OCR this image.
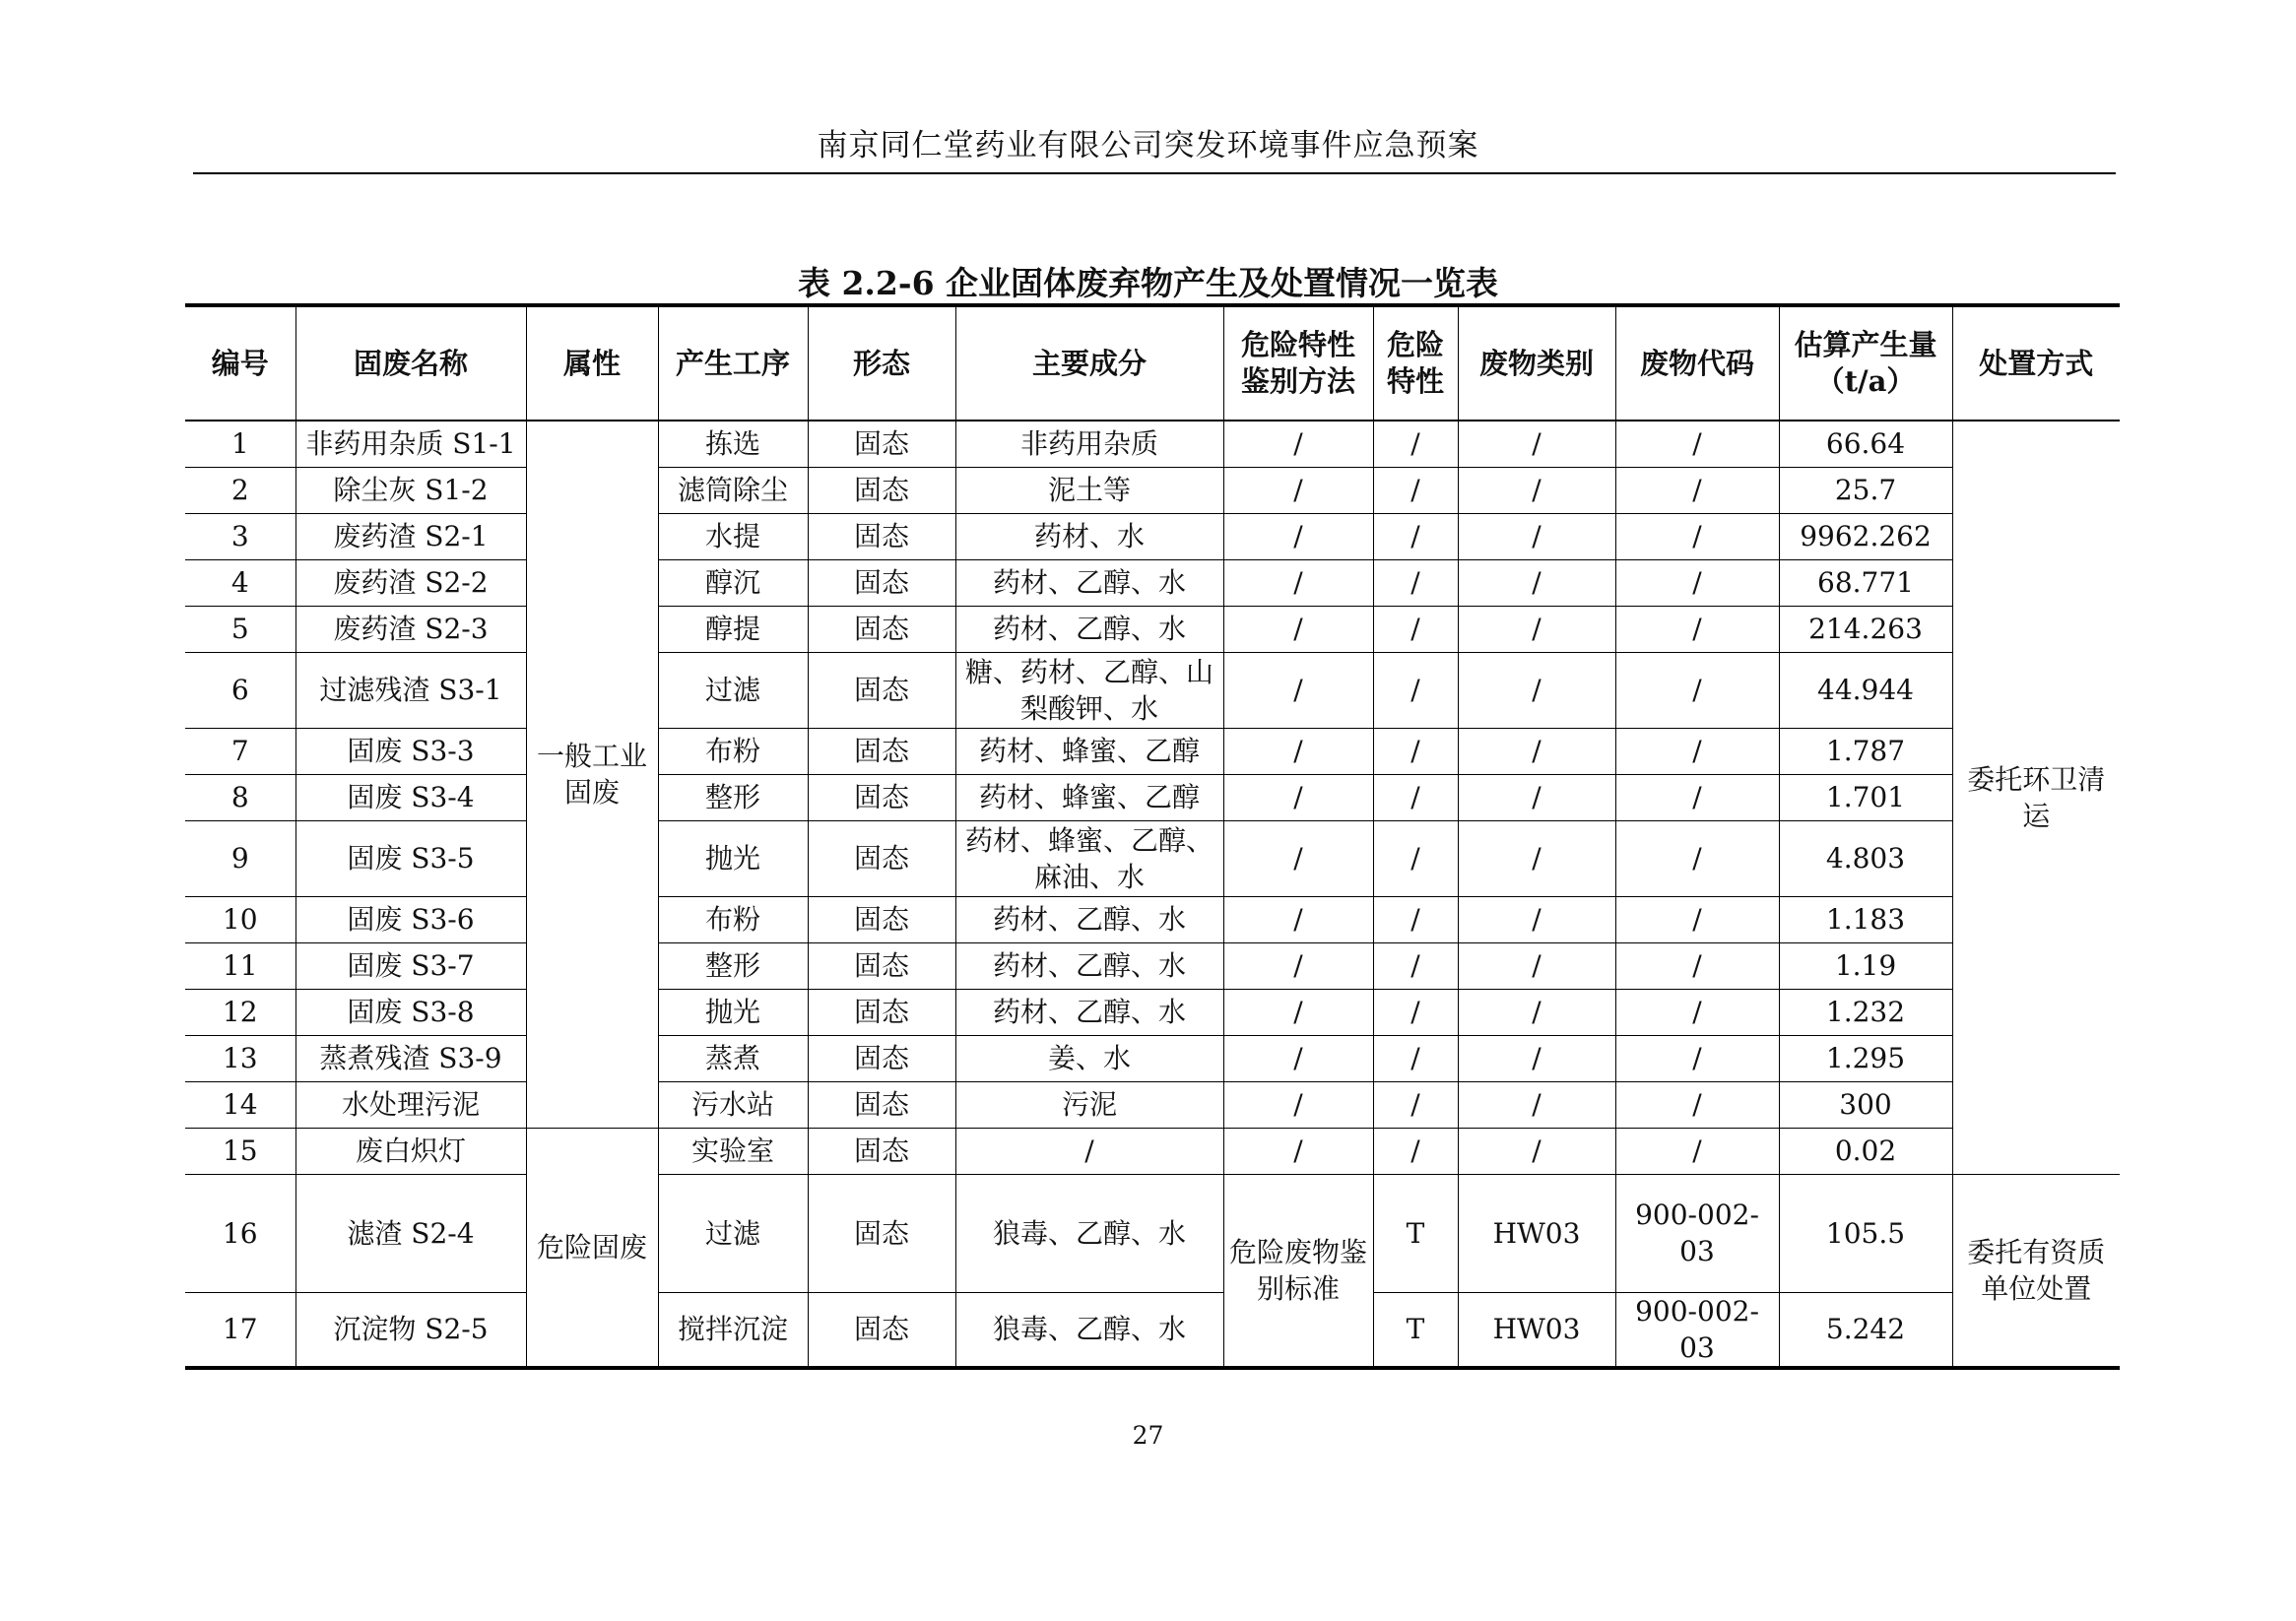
南京同仁堂药业有限公司突发环境事件应急预案
表 2.2-6 企业固体废弃物产生及处置情况一览表
编号	固废名称	属性	产生工序	形态	主要成分	危险特性鉴别方法	危险特性	废物类别	废物代码	估算产生量（t/a）	处置方式
1	非药用杂质 S1-1	一般工业固废	拣选	固态	非药用杂质	/	/	/	/	66.64	委托环卫清运
2	除尘灰 S1-2		滤筒除尘	固态	泥土等	/	/	/	/	25.7	
3	废药渣 S2-1		水提	固态	药材、水	/	/	/	/	9962.262	
4	废药渣 S2-2		醇沉	固态	药材、乙醇、水	/	/	/	/	68.771	
5	废药渣 S2-3		醇提	固态	药材、乙醇、水	/	/	/	/	214.263	
6	过滤残渣 S3-1		过滤	固态	糖、药材、乙醇、山梨酸钾、水	/	/	/	/	44.944	
7	固废 S3-3		布粉	固态	药材、蜂蜜、乙醇	/	/	/	/	1.787	
8	固废 S3-4		整形	固态	药材、蜂蜜、乙醇	/	/	/	/	1.701	
9	固废 S3-5		抛光	固态	药材、蜂蜜、乙醇、麻油、水	/	/	/	/	4.803	
10	固废 S3-6		布粉	固态	药材、乙醇、水	/	/	/	/	1.183	
11	固废 S3-7		整形	固态	药材、乙醇、水	/	/	/	/	1.19	
12	固废 S3-8		抛光	固态	药材、乙醇、水	/	/	/	/	1.232	
13	蒸煮残渣 S3-9		蒸煮	固态	姜、水	/	/	/	/	1.295	
14	水处理污泥		污水站	固态	污泥	/	/	/	/	300	
15	废白炽灯	危险固废	实验室	固态	/	/	/	/	/	0.02	
16	滤渣 S2-4		过滤	固态	狼毒、乙醇、水	危险废物鉴别标准	T	HW03	900-002-03	105.5	委托有资质单位处置
17	沉淀物 S2-5		搅拌沉淀	固态	狼毒、乙醇、水		T	HW03	900-002-03	5.242	
27
